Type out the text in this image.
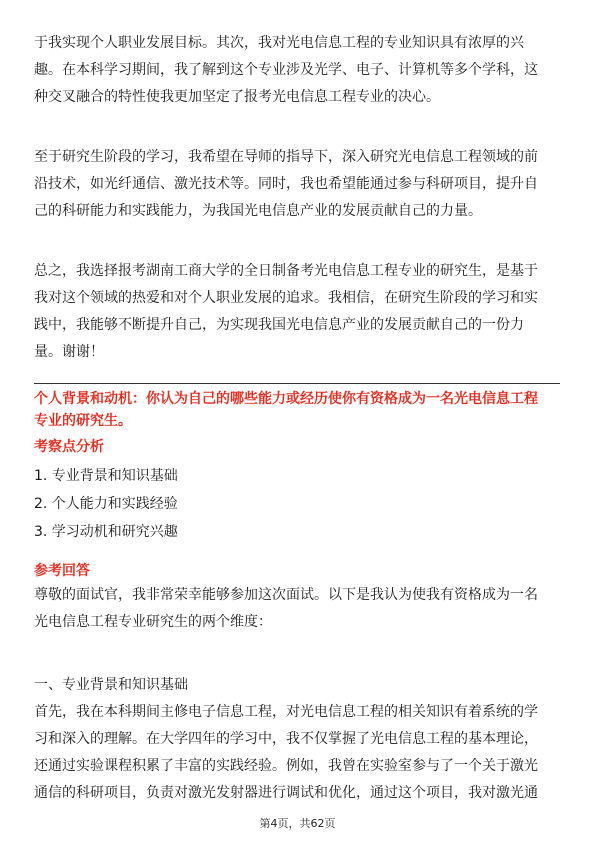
于我实现个人职业发展目标。其次，我对光电信息工程的专业知识具有浓厚的兴
趣。在本科学习期间，我了解到这个专业涉及光学、电子、计算机等多个学科，这
种交叉融合的特性使我更加坚定了报考光电信息工程专业的决心。

至于研究生阶段的学习，我希望在导师的指导下，深入研究光电信息工程领域的前
沿技术，如光纤通信、激光技术等。同时，我也希望能通过参与科研项目，提升自
己的科研能力和实践能力，为我国光电信息产业的发展贡献自己的力量。

总之，我选择报考湖南工商大学的全日制备考光电信息工程专业的研究生，是基于
我对这个领域的热爱和对个人职业发展的追求。我相信，在研究生阶段的学习和实
践中，我能够不断提升自己，为实现我国光电信息产业的发展贡献自己的一份力
量。谢谢！

个人背景和动机：你认为自己的哪些能力或经历使你有资格成为一名光电信息工程
专业的研究生。
考察点分析
1. 专业背景和知识基础
2. 个人能力和实践经验
3. 学习动机和研究兴趣
参考回答

尊敬的面试官，我非常荣幸能够参加这次面试。以下是我认为使我有资格成为一名
光电信息工程专业研究生的两个维度：

一、专业背景和知识基础

首先，我在本科期间主修电子信息工程，对光电信息工程的相关知识有着系统的学
习和深入的理解。在大学四年的学习中，我不仅掌握了光电信息工程的基本理论，
还通过实验课程积累了丰富的实践经验。例如，我曾在实验室参与了一个关于激光
通信的科研项目，负责对激光发射器进行调试和优化，通过这个项目，我对激光通

第4页，共62页
